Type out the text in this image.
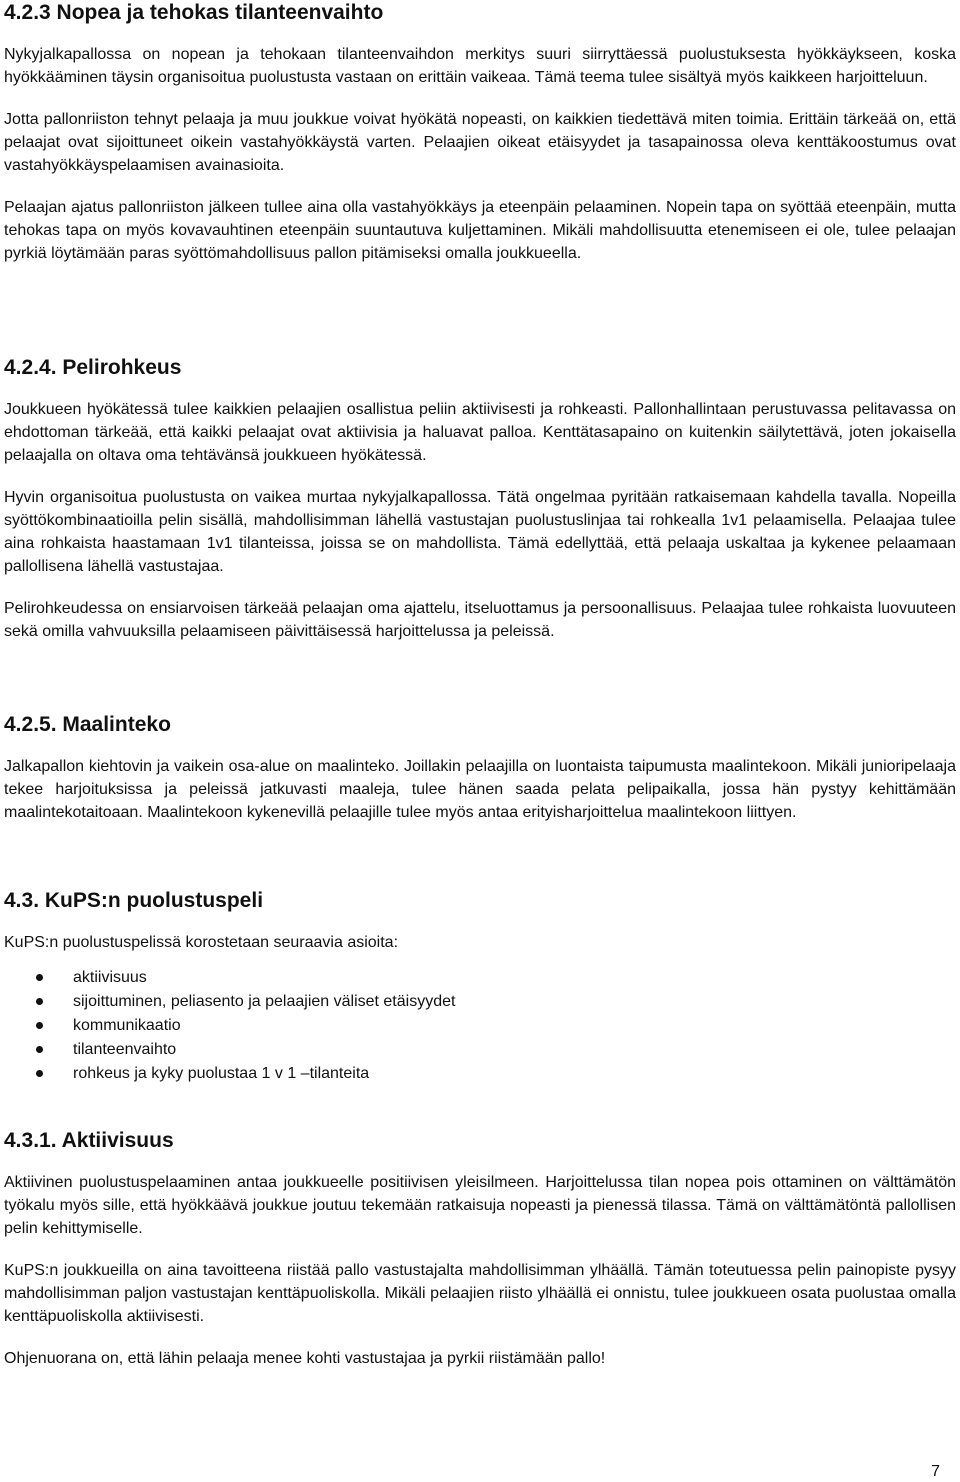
4.2.3 Nopea ja tehokas tilanteenvaihto

Nykyjalkapallossa on nopean ja tehokaan tilanteenvaihdon merkitys suuri siirryttäessä puolustuksesta hyökkäykseen, koska hyökkääminen täysin organisoitua puolustusta vastaan on erittäin vaikeaa. Tämä teema tulee sisältyä myös kaikkeen harjoitteluun.

Jotta pallonriiston tehnyt pelaaja ja muu joukkue voivat hyökätä nopeasti, on kaikkien tiedettävä miten toimia. Erittäin tärkeää on, että pelaajat ovat sijoittuneet oikein vastahyökkäystä varten. Pelaajien oikeat etäisyydet ja tasapainossa oleva kenttäkoostumus ovat vastahyökkäyspelaamisen avainasioita.

Pelaajan ajatus pallonriiston jälkeen tullee aina olla vastahyökkäys ja eteenpäin pelaaminen. Nopein tapa on syöttää eteenpäin, mutta tehokas tapa on myös kovavauhtinen eteenpäin suuntautuva kuljettaminen. Mikäli mahdollisuutta etenemiseen ei ole, tulee pelaajan pyrkiä löytämään paras syöttömahdollisuus pallon pitämiseksi omalla joukkueella.

4.2.4. Pelirohkeus

Joukkueen hyökätessä tulee kaikkien pelaajien osallistua peliin aktiivisesti ja rohkeasti. Pallonhallintaan perustuvassa pelitavassa on ehdottoman tärkeää, että kaikki pelaajat ovat aktiivisia ja haluavat palloa. Kenttätasapaino on kuitenkin säilytettävä, joten jokaisella pelaajalla on oltava oma tehtävänsä joukkueen hyökätessä.

Hyvin organisoitua puolustusta on vaikea murtaa nykyjalkapallossa. Tätä ongelmaa pyritään ratkaisemaan kahdella tavalla. Nopeilla syöttökombinaatioilla pelin sisällä, mahdollisimman lähellä vastustajan puolustuslinjaa tai rohkealla 1v1 pelaamisella. Pelaajaa tulee aina rohkaista haastamaan 1v1 tilanteissa, joissa se on mahdollista. Tämä edellyttää, että pelaaja uskaltaa ja kykenee pelaamaan pallollisena lähellä vastustajaa.

Pelirohkeudessa on ensiarvoisen tärkeää pelaajan oma ajattelu, itseluottamus ja persoonallisuus. Pelaajaa tulee rohkaista luovuuteen sekä omilla vahvuuksilla pelaamiseen päivittäisessä harjoittelussa ja peleissä.

4.2.5. Maalinteko

Jalkapallon kiehtovin ja vaikein osa-alue on maalinteko. Joillakin pelaajilla on luontaista taipumusta maalintekoon. Mikäli junioripelaaja tekee harjoituksissa ja peleissä jatkuvasti maaleja, tulee hänen saada pelata pelipaikalla, jossa hän pystyy kehittämään maalintekotaitoaan. Maalintekoon kykenevillä pelaajille tulee myös antaa erityisharjoittelua maalintekoon liittyen.

4.3. KuPS:n puolustuspeli

KuPS:n puolustuspelissä korostetaan seuraavia asioita:

aktiivisuus
sijoittuminen, peliasento ja pelaajien väliset etäisyydet
kommunikaatio
tilanteenvaihto
rohkeus ja kyky puolustaa 1 v 1 –tilanteita
4.3.1. Aktiivisuus

Aktiivinen puolustuspelaaminen antaa joukkueelle positiivisen yleisilmeen. Harjoittelussa tilan nopea pois ottaminen on välttämätön työkalu myös sille, että hyökkäävä joukkue joutuu tekemään ratkaisuja nopeasti ja pienessä tilassa. Tämä on välttämätöntä pallollisen pelin kehittymiselle.

KuPS:n joukkueilla on aina tavoitteena riistää pallo vastustajalta mahdollisimman ylhäällä. Tämän toteutuessa pelin painopiste pysyy mahdollisimman paljon vastustajan kenttäpuoliskolla. Mikäli pelaajien riisto ylhäällä ei onnistu, tulee joukkueen osata puolustaa omalla kenttäpuoliskolla aktiivisesti.

Ohjenuorana on, että lähin pelaaja menee kohti vastustajaa ja pyrkii riistämään pallo!

7
